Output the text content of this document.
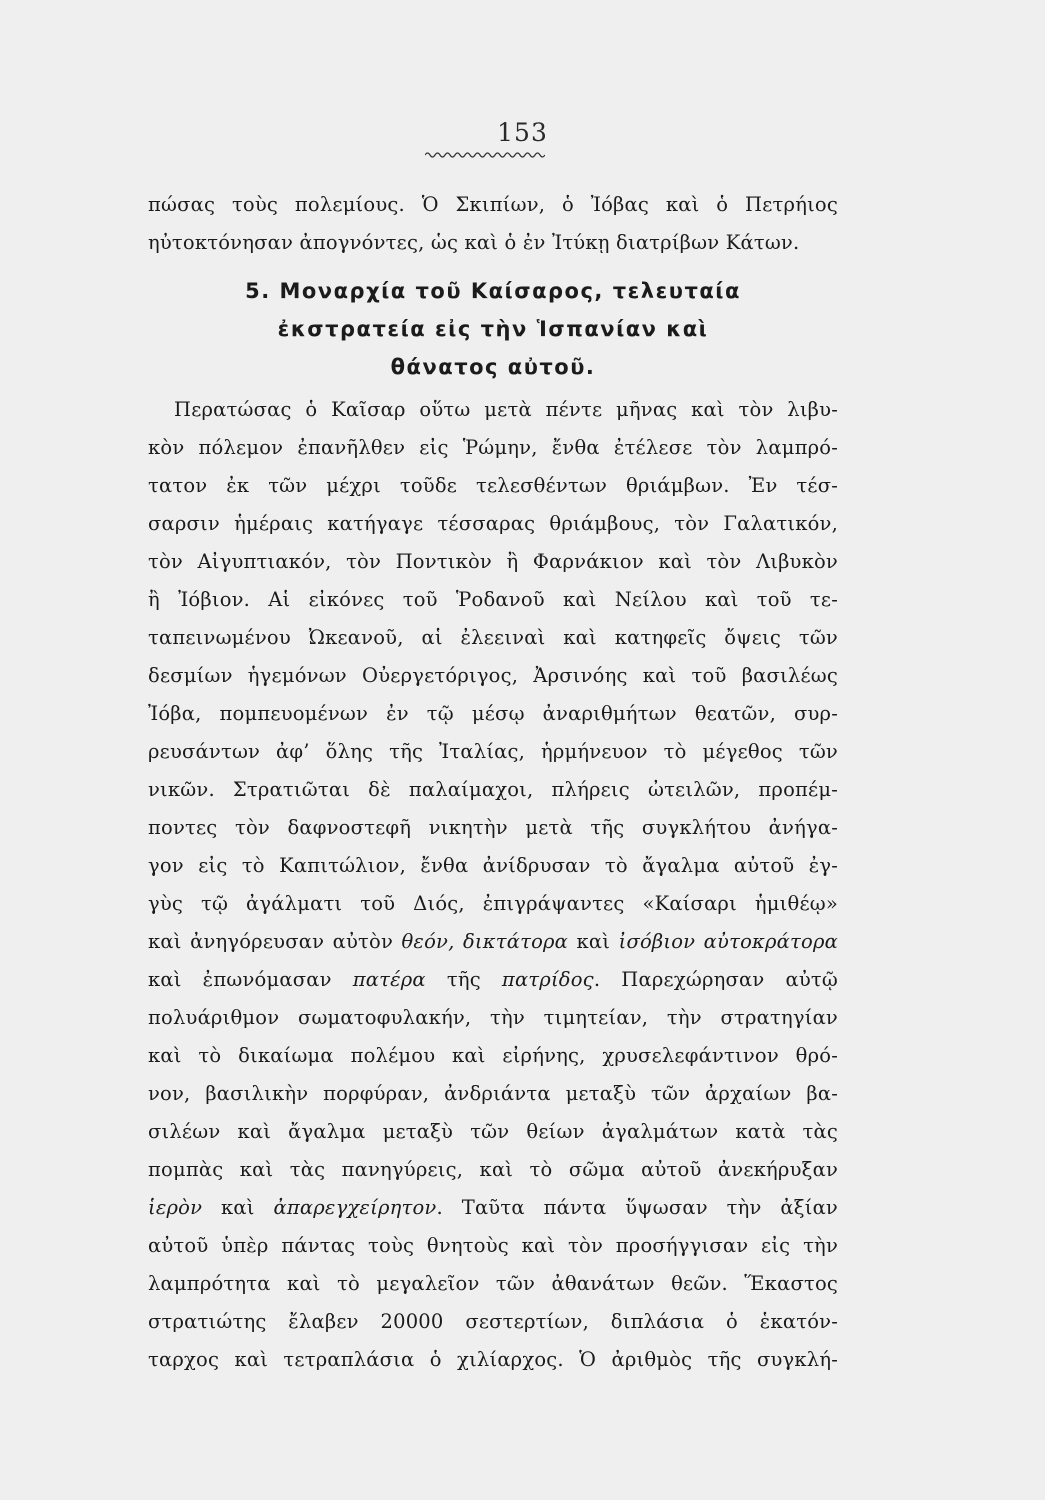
153
πώσας τοὺς πολεμίους. Ὁ Σκιπίων, ὁ Ἰόβας καὶ ὁ Πετρήιος
ηὐτοκτόνησαν ἀπογνόντες, ὡς καὶ ὁ ἐν Ἰτύκῃ διατρίβων Κάτων.
5. Μοναρχία τοῦ Καίσαρος, τελευταία
ἐκστρατεία εἰς τὴν Ἱσπανίαν καὶ
θάνατος αὐτοῦ.
Περατώσας ὁ Καῖσαρ οὕτω μετὰ πέντε μῆνας καὶ τὸν λιβυ-
κὸν πόλεμον ἐπανῆλθεν εἰς Ῥώμην, ἔνθα ἐτέλεσε τὸν λαμπρό-
τατον ἐκ τῶν μέχρι τοῦδε τελεσθέντων θριάμβων. Ἐν τέσ-
σαρσιν ἡμέραις κατήγαγε τέσσαρας θριάμβους, τὸν Γαλατικόν,
τὸν Αἰγυπτιακόν, τὸν Ποντικὸν ἢ Φαρνάκιον καὶ τὸν Λιβυκὸν
ἢ Ἰόβιον. Αἱ εἰκόνες τοῦ Ῥοδανοῦ καὶ Νείλου καὶ τοῦ τε-
ταπεινωμένου Ὠκεανοῦ, αἱ ἐλεειναὶ καὶ κατηφεῖς ὄψεις τῶν
δεσμίων ἡγεμόνων Οὐεργετόριγος, Ἀρσινόης καὶ τοῦ βασιλέως
Ἰόβα, πομπευομένων ἐν τῷ μέσῳ ἀναριθμήτων θεατῶν, συρ-
ρευσάντων ἀφ’ ὅλης τῆς Ἰταλίας, ἡρμήνευον τὸ μέγεθος τῶν
νικῶν. Στρατιῶται δὲ παλαίμαχοι, πλήρεις ὠτειλῶν, προπέμ-
ποντες τὸν δαφνοστεφῆ νικητὴν μετὰ τῆς συγκλήτου ἀνήγα-
γον εἰς τὸ Καπιτώλιον, ἔνθα ἀνίδρυσαν τὸ ἄγαλμα αὐτοῦ ἐγ-
γὺς τῷ ἀγάλματι τοῦ Διός, ἐπιγράψαντες «Καίσαρι ἡμιθέῳ»
καὶ ἀνηγόρευσαν αὐτὸν θεόν, δικτάτορα καὶ ἰσόβιον αὐτοκράτορα
καὶ ἐπωνόμασαν πατέρα τῆς πατρίδος. Παρεχώρησαν αὐτῷ
πολυάριθμον σωματοφυλακήν, τὴν τιμητείαν, τὴν στρατηγίαν
καὶ τὸ δικαίωμα πολέμου καὶ εἰρήνης, χρυσελεφάντινον θρό-
νον, βασιλικὴν πορφύραν, ἀνδριάντα μεταξὺ τῶν ἀρχαίων βα-
σιλέων καὶ ἄγαλμα μεταξὺ τῶν θείων ἀγαλμάτων κατὰ τὰς
πομπὰς καὶ τὰς πανηγύρεις, καὶ τὸ σῶμα αὐτοῦ ἀνεκήρυξαν
ἱερὸν καὶ ἀπαρεγχείρητον. Ταῦτα πάντα ὕψωσαν τὴν ἀξίαν
αὐτοῦ ὑπὲρ πάντας τοὺς θνητοὺς καὶ τὸν προσήγγισαν εἰς τὴν
λαμπρότητα καὶ τὸ μεγαλεῖον τῶν ἀθανάτων θεῶν. Ἕκαστος
στρατιώτης ἔλαβεν 20000 σεστερτίων, διπλάσια ὁ ἑκατόν-
ταρχος καὶ τετραπλάσια ὁ χιλίαρχος. Ὁ ἀριθμὸς τῆς συγκλή-
